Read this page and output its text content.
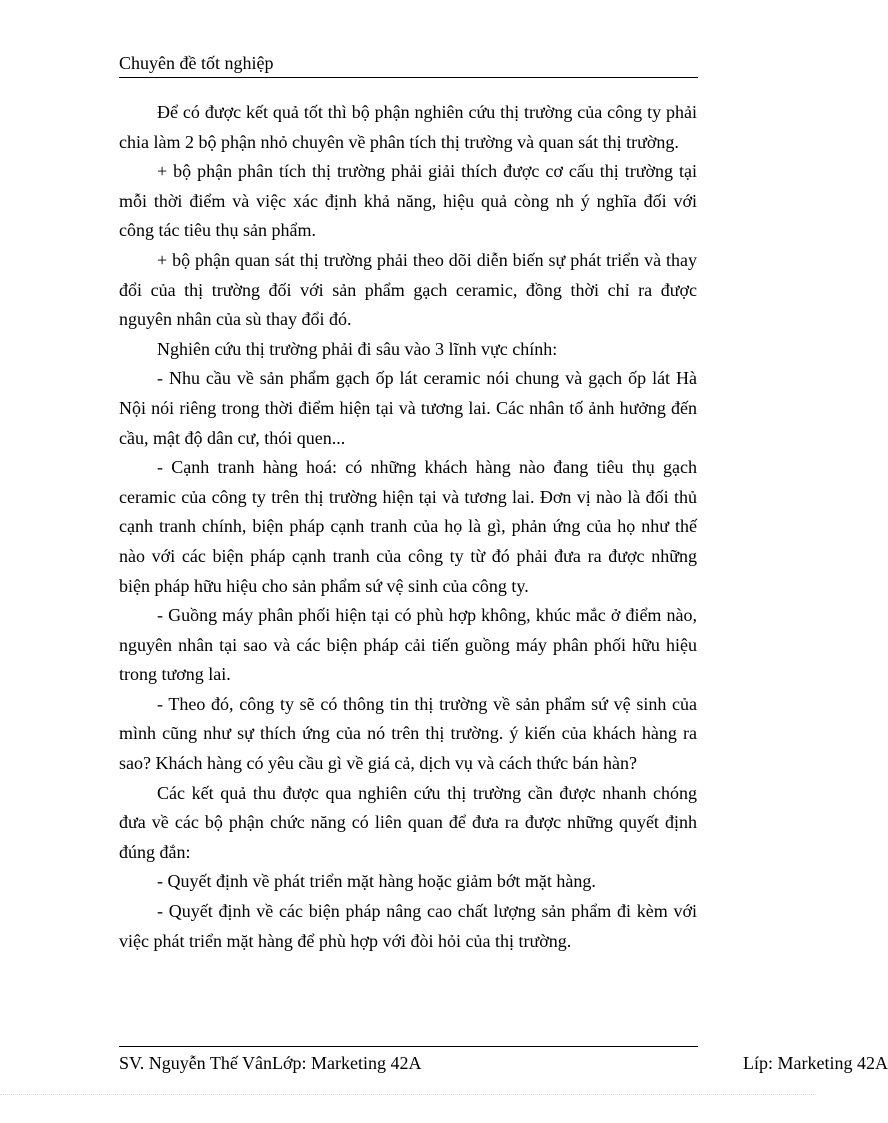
Chuyên đề tốt nghiệp

Để có được kết quả tốt thì bộ phận nghiên cứu thị trường của công ty phải chia làm 2 bộ phận nhỏ chuyên về phân tích thị trường và quan sát thị trường.

+ bộ phận phân tích thị trường phải giải thích được cơ cấu thị trường tại mỗi thời điểm và việc xác định khả năng, hiệu quả còng nh ý nghĩa đối với công tác tiêu thụ sản phẩm.

+ bộ phận quan sát thị trường phải theo dõi diễn biến sự phát triển và thay đổi của thị trường đối với sản phẩm gạch ceramic, đồng thời chỉ ra được nguyên nhân của sù thay đổi đó.

Nghiên cứu thị trường phải đi sâu vào 3 lĩnh vực chính:

- Nhu cầu về sản phẩm gạch ốp lát ceramic nói chung và gạch ốp lát Hà Nội nói riêng trong thời điểm hiện tại và tương lai. Các nhân tố ảnh hưởng đến cầu, mật độ dân cư, thói quen...

- Cạnh tranh hàng hoá: có những khách hàng nào đang tiêu thụ gạch ceramic của công ty trên thị trường hiện tại và tương lai. Đơn vị nào là đối thủ cạnh tranh chính, biện pháp cạnh tranh của họ là gì, phản ứng của họ như thế nào với các biện pháp cạnh tranh của công ty từ đó phải đưa ra được những biện pháp hữu hiệu cho sản phẩm sứ vệ sinh của công ty.

- Guồng máy phân phối hiện tại có phù hợp không, khúc mắc ở điểm nào, nguyên nhân tại sao và các biện pháp cải tiến guồng máy phân phối hữu hiệu trong tương lai.

- Theo đó, công ty sẽ có thông tin thị trường về sản phẩm sứ vệ sinh của mình cũng như sự thích ứng của nó trên thị trường. ý kiến của khách hàng ra sao? Khách hàng có yêu cầu gì về giá cả, dịch vụ và cách thức bán hàn?

Các kết quả thu được qua nghiên cứu thị trường cần được nhanh chóng đưa về các bộ phận chức năng có liên quan để đưa ra được những quyết định đúng đắn:

- Quyết định về phát triển mặt hàng hoặc giảm bớt mặt hàng.

- Quyết định về các biện pháp nâng cao chất lượng sản phẩm đi kèm với việc phát triển mặt hàng để phù hợp với đòi hỏi của thị trường.

SV. Nguyễn Thế VânLớp: Marketing 42A	Líp: Marketing 42A
